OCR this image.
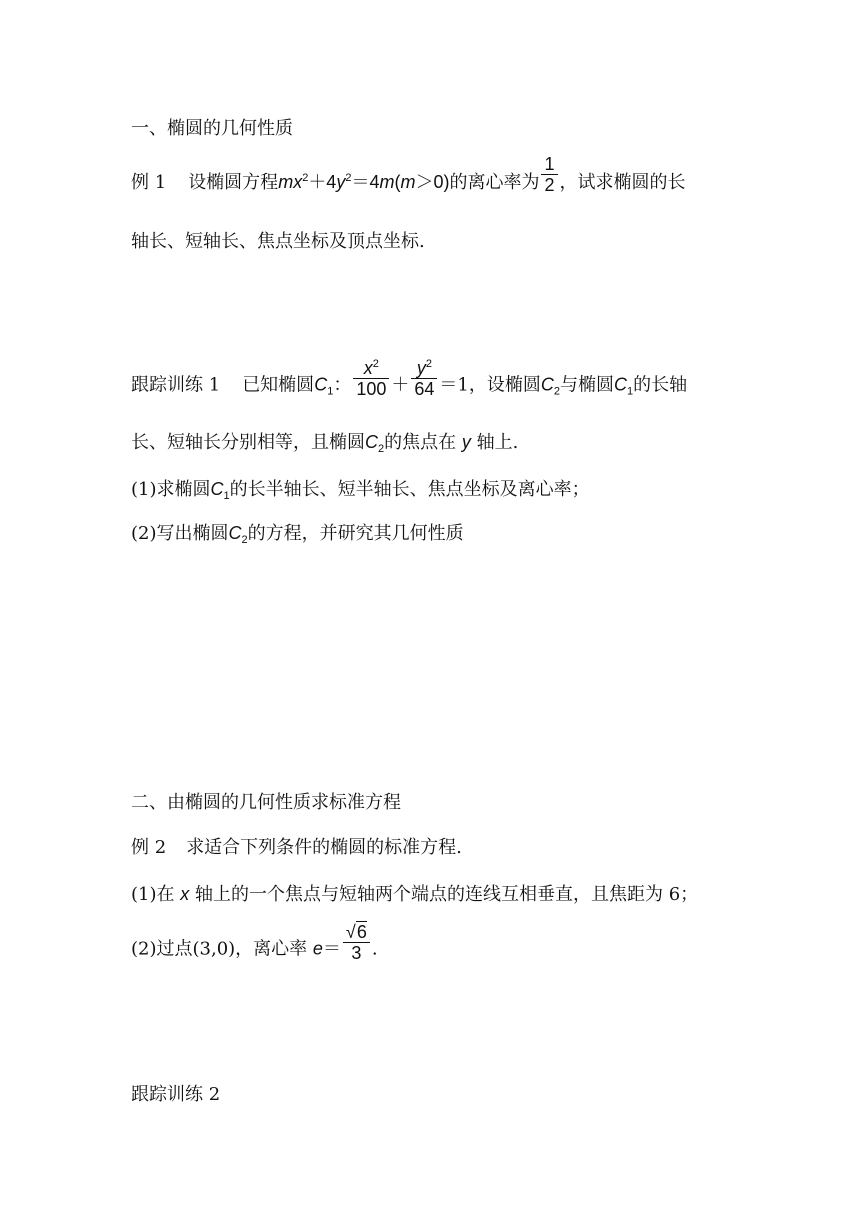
一、椭圆的几何性质
例 1 设椭圆方程$mx^2+4y^2=4m(m>0)$的离心率为 $\frac{1}{2}$ ，试求椭圆的长
轴长、短轴长、焦点坐标及顶点坐标.
跟踪训练 1 已知椭圆$C_1$： $\frac{x^2}{100} + \frac{y^2}{64} =1$，设椭圆$C_2$与椭圆$C_1$的长轴
长、短轴长分别相等，且椭圆$C_2$的焦点在 y 轴上.
(1)求椭圆$C_1$的长半轴长、短半轴长、焦点坐标及离心率；
(2)写出椭圆$C_2$的方程，并研究其几何性质
二、由椭圆的几何性质求标准方程
例 2 求适合下列条件的椭圆的标准方程.
(1)在 x 轴上的一个焦点与短轴两个端点的连线互相垂直，且焦距为 6；
(2)过点(3,0)，离心率 $e= \frac{√6}{3}$ .
跟踪训练 2
